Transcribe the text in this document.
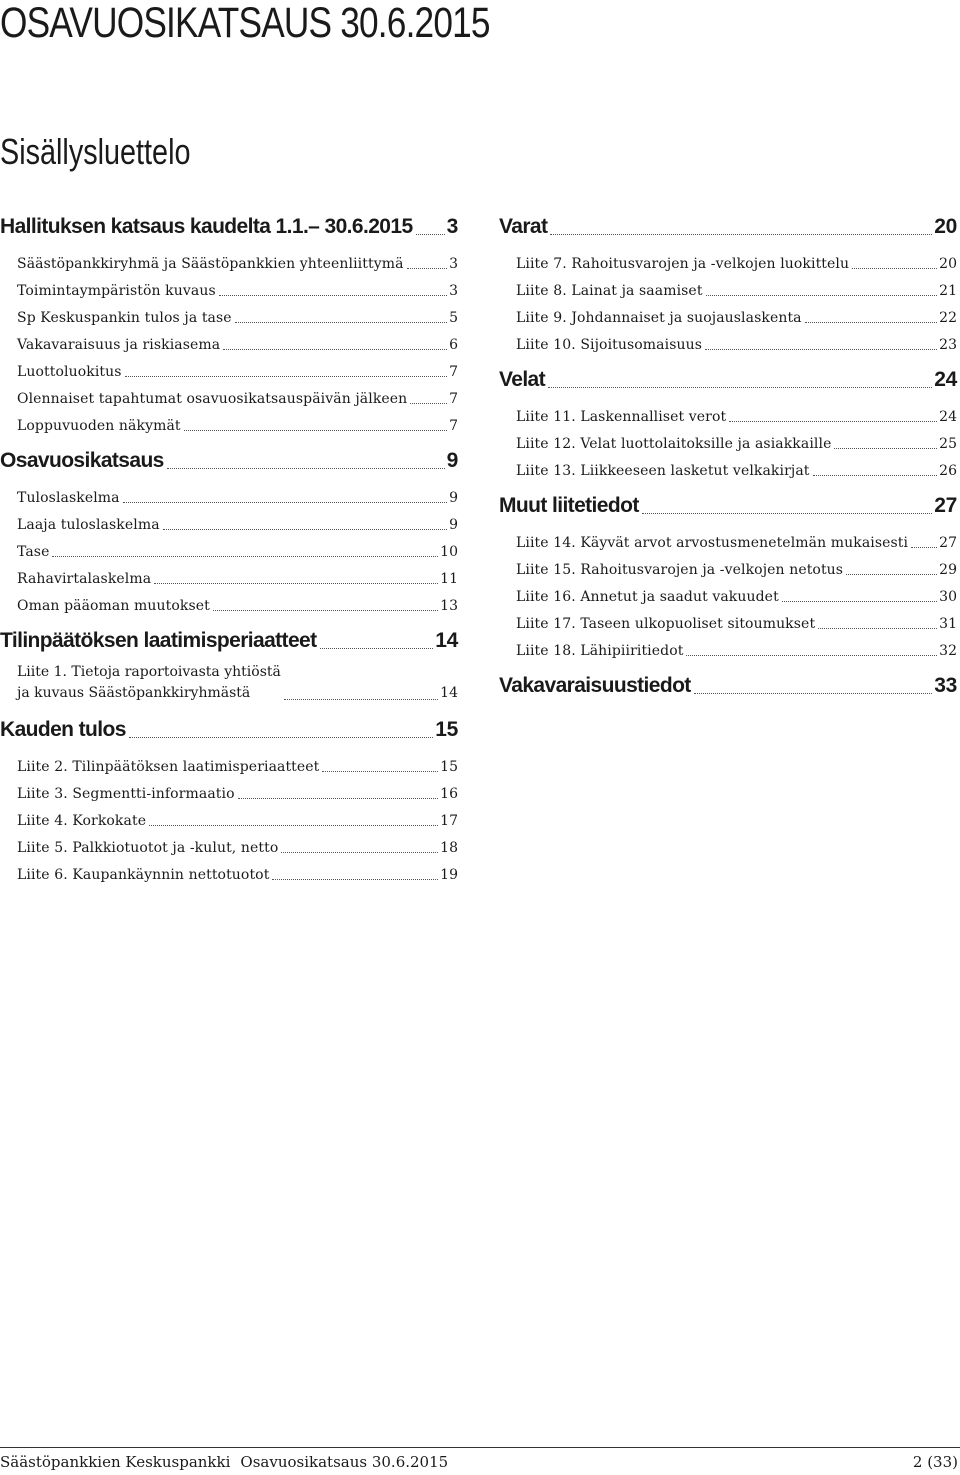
OSAVUOSIKATSAUS 30.6.2015
Sisällysluettelo
Hallituksen katsaus kaudelta 1.1.– 30.6.2015 3
Säästöpankkiryhmä ja Säästöpankkien yhteenliittymä	3
Toimintaympäristön kuvaus	3
Sp Keskuspankin tulos ja tase	5
Vakavaraisuus ja riskiasema	6
Luottoluokitus	7
Olennaiset tapahtumat osavuosikatsauspäivän jälkeen	7
Loppuvuoden näkymät	7
Osavuosikatsaus	9
Tuloslaskelma	9
Laaja tuloslaskelma	9
Tase	10
Rahavirtalaskelma	11
Oman pääoman muutokset	13
Tilinpäätöksen laatimisperiaatteet	14
Liite 1. Tietoja raportoivasta yhtiöstä
ja kuvaus Säästöpankkiryhmästä	14
Kauden tulos	15
Liite 2. Tilinpäätöksen laatimisperiaatteet	15
Liite 3. Segmentti-informaatio	16
Liite 4. Korkokate	17
Liite 5. Palkkiotuotot ja -kulut, netto	18
Liite 6. Kaupankäynnin nettotuotot	19
Varat	20
Liite 7. Rahoitusvarojen ja -velkojen luokittelu	20
Liite 8. Lainat ja saamiset	21
Liite 9. Johdannaiset ja suojauslaskenta	22
Liite 10. Sijoitusomaisuus	23
Velat	24
Liite 11. Laskennalliset verot	24
Liite 12. Velat luottolaitoksille ja asiakkaille	25
Liite 13. Liikkeeseen lasketut velkakirjat	26
Muut liitetiedot	27
Liite 14. Käyvät arvot arvostusmenetelmän mukaisesti 27
Liite 15. Rahoitusvarojen ja -velkojen netotus	29
Liite 16. Annetut ja saadut vakuudet	30
Liite 17. Taseen ulkopuoliset sitoumukset	31
Liite 18. Lähipiiritiedot	32
Vakavaraisuustiedot	33
Säästöpankkien Keskuspankki Osavuosikatsaus 30.6.2015	2 (33)
